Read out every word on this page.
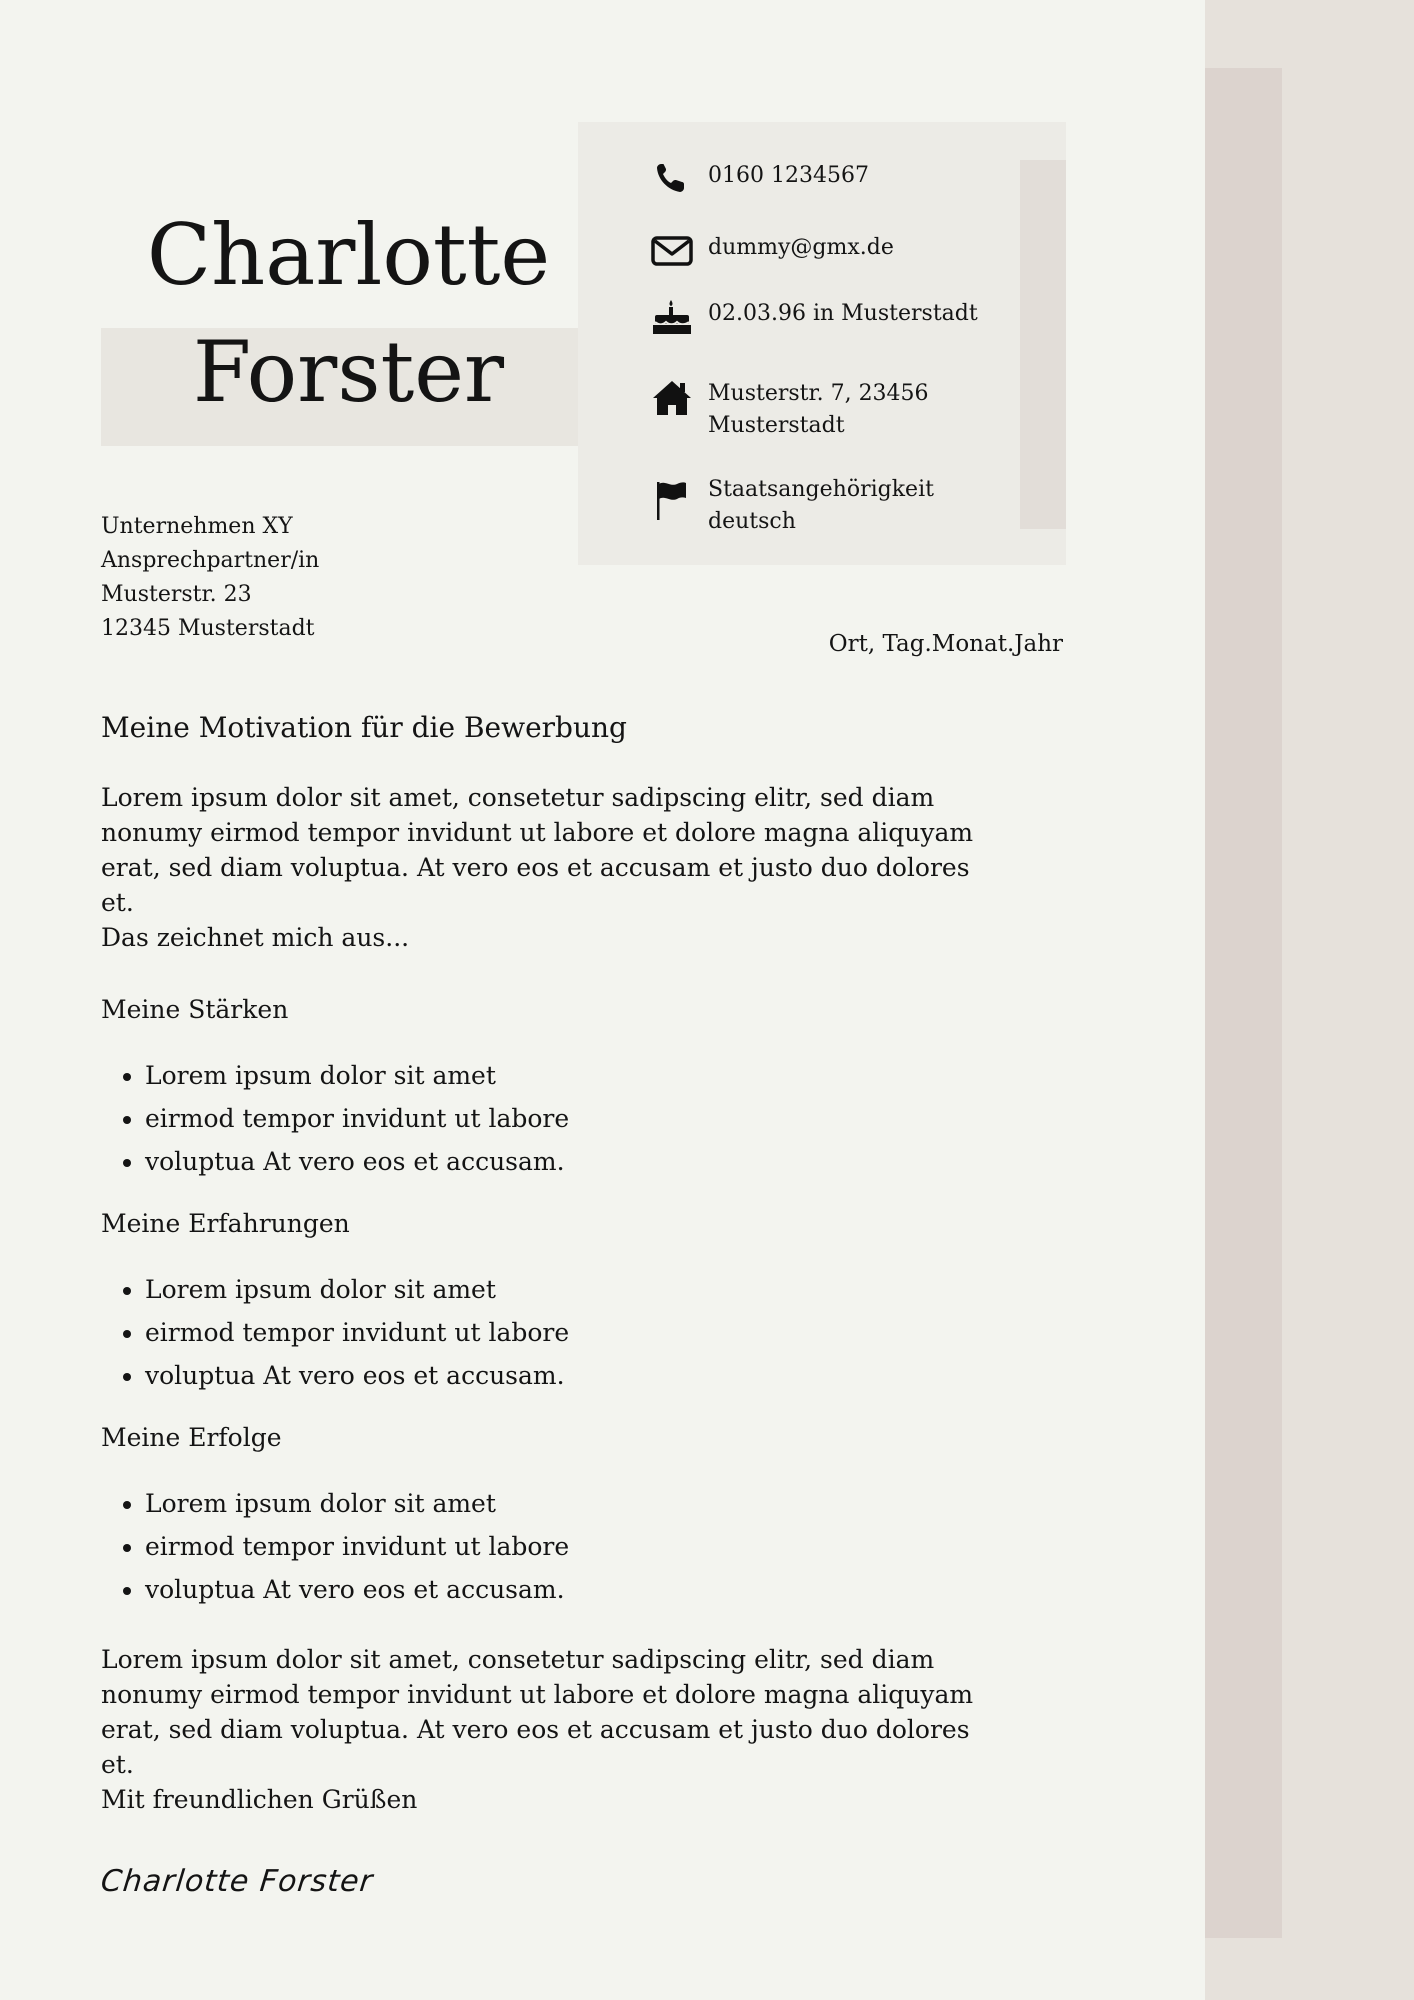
Charlotte
Forster
0160 1234567
dummy@gmx.de
02.03.96 in Musterstadt
Musterstr. 7, 23456
Musterstadt
Staatsangehörigkeit
deutsch
Unternehmen XY
Ansprechpartner/in
Musterstr. 23
12345 Musterstadt
Ort, Tag.Monat.Jahr
Meine Motivation für die Bewerbung
Lorem ipsum dolor sit amet, consetetur sadipscing elitr, sed diam nonumy eirmod tempor invidunt ut labore et dolore magna aliquyam erat, sed diam voluptua. At vero eos et accusam et justo duo dolores et.
Das zeichnet mich aus...
Meine Stärken
• Lorem ipsum dolor sit amet
• eirmod tempor invidunt ut labore
• voluptua At vero eos et accusam.
Meine Erfahrungen
• Lorem ipsum dolor sit amet
• eirmod tempor invidunt ut labore
• voluptua At vero eos et accusam.
Meine Erfolge
• Lorem ipsum dolor sit amet
• eirmod tempor invidunt ut labore
• voluptua At vero eos et accusam.
Lorem ipsum dolor sit amet, consetetur sadipscing elitr, sed diam nonumy eirmod tempor invidunt ut labore et dolore magna aliquyam erat, sed diam voluptua. At vero eos et accusam et justo duo dolores et.
Mit freundlichen Grüßen
Charlotte Forster
